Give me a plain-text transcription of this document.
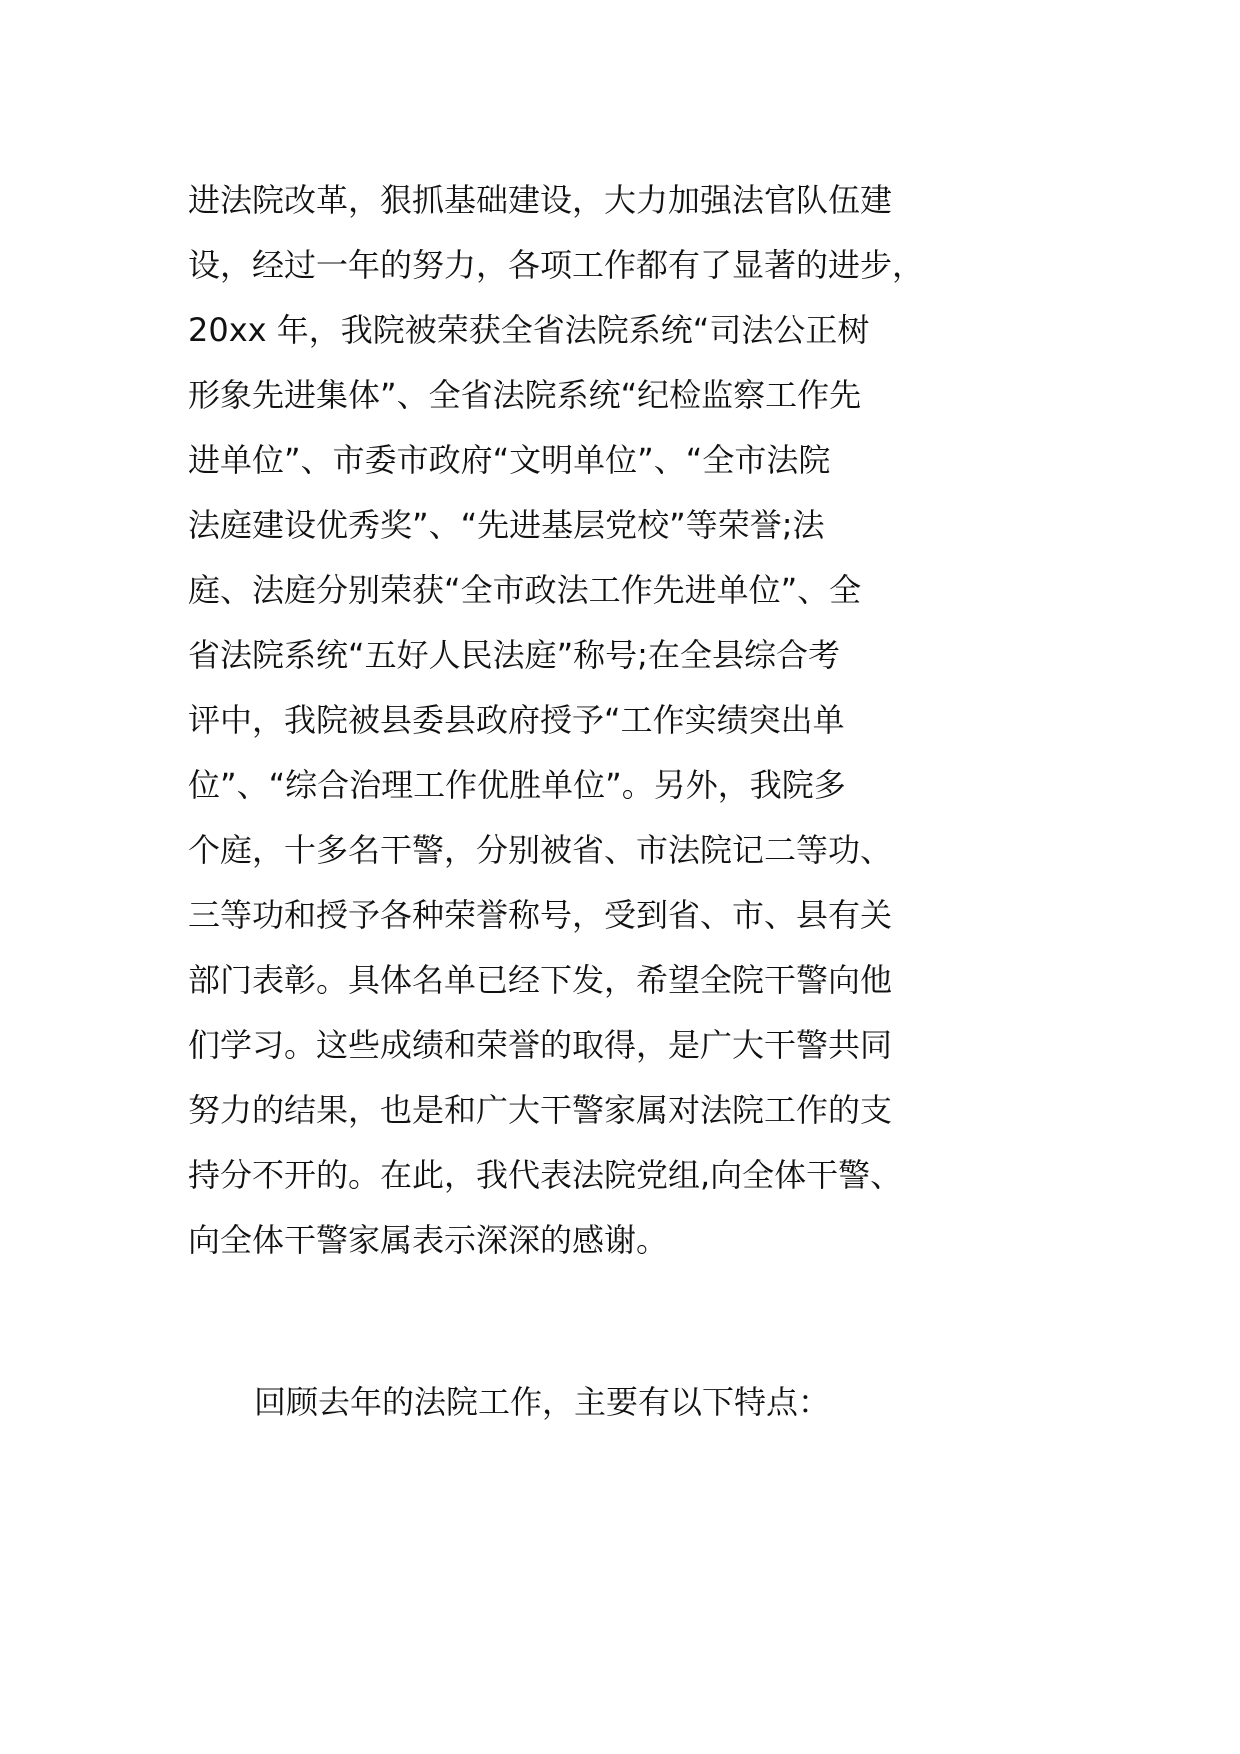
进法院改革，狠抓基础建设，大力加强法官队伍建
设，经过一年的努力，各项工作都有了显著的进步，
20xx 年，我院被荣获全省法院系统“司法公正树
形象先进集体”、全省法院系统“纪检监察工作先
进单位”、市委市政府“文明单位”、“全市法院
法庭建设优秀奖”、“先进基层党校”等荣誉;法
庭、法庭分别荣获“全市政法工作先进单位”、全
省法院系统“五好人民法庭”称号;在全县综合考
评中，我院被县委县政府授予“工作实绩突出单
位”、“综合治理工作优胜单位”。另外，我院多
个庭，十多名干警，分别被省、市法院记二等功、
三等功和授予各种荣誉称号，受到省、市、县有关
部门表彰。具体名单已经下发，希望全院干警向他
们学习。这些成绩和荣誉的取得，是广大干警共同
努力的结果，也是和广大干警家属对法院工作的支
持分不开的。在此，我代表法院党组,向全体干警、
向全体干警家属表示深深的感谢。
回顾去年的法院工作，主要有以下特点：
